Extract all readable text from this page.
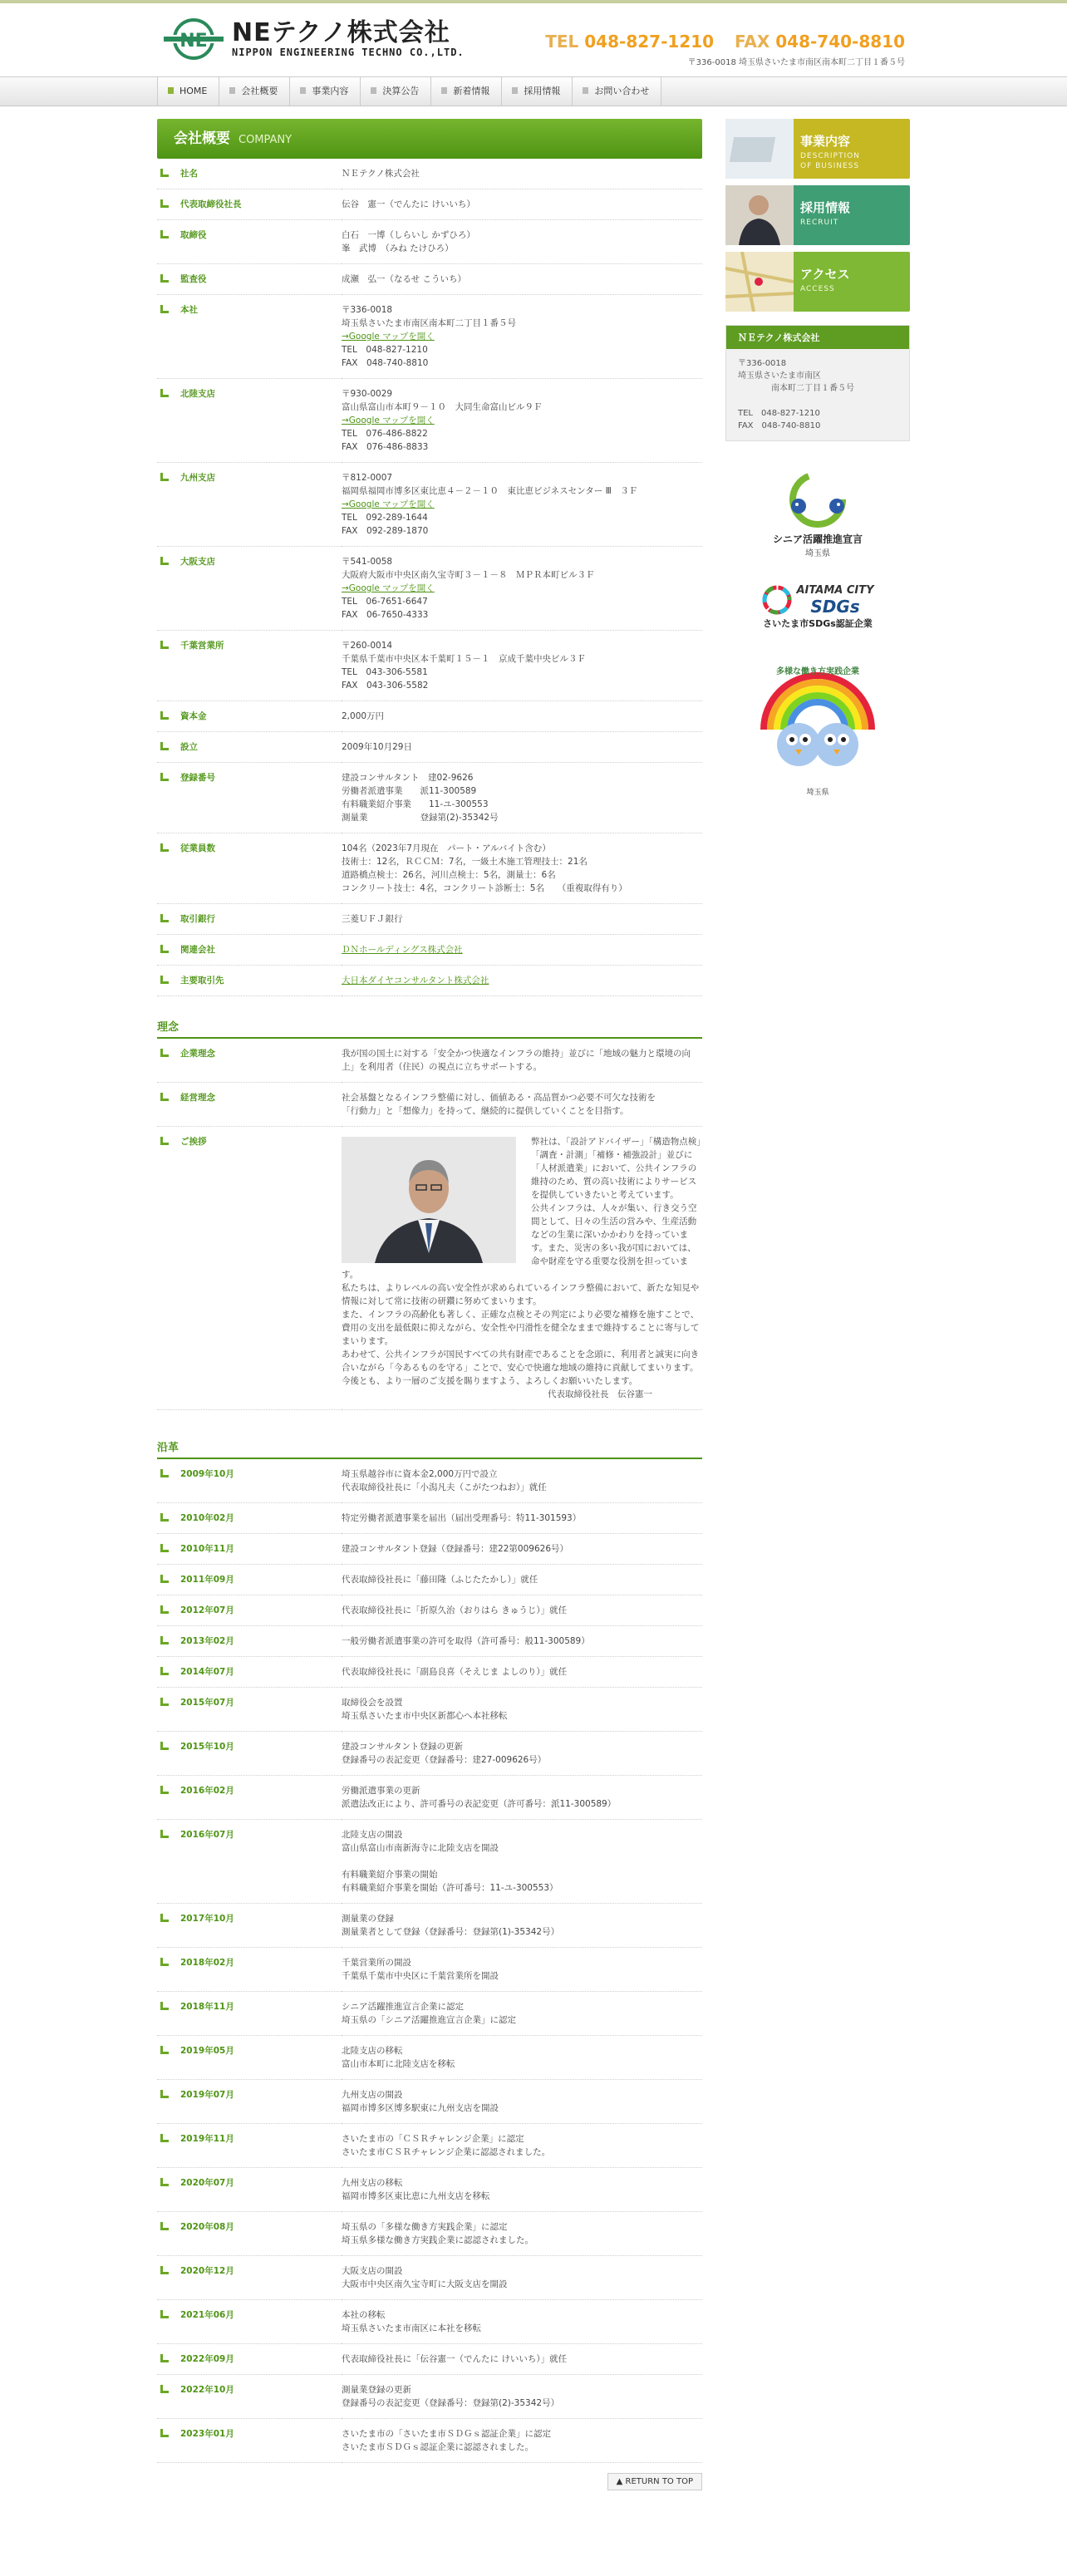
NE NEテクノ株式会社
NIPPON ENGINEERING TECHNO CO.,LTD.
TEL 048-827-1210 FAX 048-740-8810
〒336-0018 埼玉県さいたま市南区南本町二丁目１番５号
HOME	会社概要	事業内容	決算公告	新着情報	採用情報	お問い合わせ
会社概要 COMPANY
社名	ＮＥテクノ株式会社

代表取締役社長	伝谷　憲一（でんたに けいいち）

取締役	白石　一博（しらいし かずひろ）
峯　武博　（みね たけひろ）

監査役	成瀬　弘一（なるせ こういち）

本社	〒336-0018
埼玉県さいたま市南区南本町二丁目１番５号
→Google マップを開く
TEL　048-827-1210
FAX　048-740-8810

北陸支店	〒930-0029
富山県富山市本町９－１０　大同生命富山ビル９Ｆ
→Google マップを開く
TEL　076-486-8822
FAX　076-486-8833

九州支店	〒812-0007
福岡県福岡市博多区東比恵４－２－１０　東比恵ビジネスセンター Ⅲ　３Ｆ
→Google マップを開く
TEL　092-289-1644
FAX　092-289-1870

大阪支店	〒541-0058
大阪府大阪市中央区南久宝寺町３－１－８　ＭＰＲ本町ビル３Ｆ
→Google マップを開く
TEL　06-7651-6647
FAX　06-7650-4333

千葉営業所	〒260-0014
千葉県千葉市中央区本千葉町１５－１　京成千葉中央ビル３Ｆ
TEL　043-306-5581
FAX　043-306-5582

資本金	2,000万円

設立	2009年10月29日

登録番号	建設コンサルタント　建02-9626
労働者派遣事業　　派11-300589
有料職業紹介事業　　11-ユ-300553
測量業　　　　　　登録第(2)-35342号

従業員数	104名（2023年7月現在　パート・アルバイト含む）
技術士：12名，ＲＣＣＭ：7名，一級土木施工管理技士：21名
道路橋点検士：26名，河川点検士：5名，測量士：6名
コンクリート技士：4名，コンクリート診断士：5名　　（重複取得有り）

取引銀行	三菱ＵＦＪ銀行

関連会社	ＤＮホールディングス株式会社

主要取引先	大日本ダイヤコンサルタント株式会社
理念
企業理念	我が国の国土に対する「安全かつ快適なインフラの維持」並びに「地域の魅力と環境の向上」を利用者（住民）の視点に立ちサポートする。

経営理念	社会基盤となるインフラ整備に対し、価値ある・高品質かつ必要不可欠な技術を
「行動力」と「想像力」を持って、継続的に提供していくことを目指す。
ご挨拶	弊社は、「設計アドバイザー」「構造物点検」「調査・計測」「補修・補強設計」並びに「人材派遣業」において、公共インフラの維持のため、質の高い技術によりサービスを提供していきたいと考えています。
公共インフラは、人々が集い、行き交う空間として、日々の生活の営みや、生産活動などの生業に深いかかわりを持っています。また、災害の多い我が国においては、命や財産を守る重要な役割を担っています。
私たちは、よりレベルの高い安全性が求められているインフラ整備において、新たな知見や情報に対して常に技術の研鑽に努めてまいります。
また、インフラの高齢化も著しく、正確な点検とその判定により必要な補修を施すことで、費用の支出を最低限に抑えながら、安全性や円滑性を健全なままで維持することに寄与してまいります。
あわせて、公共インフラが国民すべての共有財産であることを念頭に、利用者と誠実に向き合いながら「今あるものを守る」ことで、安心で快適な地域の維持に貢献してまいります。
今後とも、より一層のご支援を賜りますよう、よろしくお願いいたします。
代表取締役社長　伝谷憲一
沿革
2009年10月	埼玉県越谷市に資本金2,000万円で設立
代表取締役社長に「小潟凡夫（こがたつねお）」就任

2010年02月	特定労働者派遣事業を届出（届出受理番号：特11-301593）

2010年11月	建設コンサルタント登録（登録番号：建22第009626号）

2011年09月	代表取締役社長に「藤田隆（ふじたたかし）」就任

2012年07月	代表取締役社長に「折原久治（おりはら きゅうじ）」就任

2013年02月	一般労働者派遣事業の許可を取得（許可番号：般11-300589）

2014年07月	代表取締役社長に「副島良喜（そえじま よしのり）」就任

2015年07月	取締役会を設置
埼玉県さいたま市中央区新都心へ本社移転

2015年10月	建設コンサルタント登録の更新
登録番号の表記変更（登録番号：建27-009626号）

2016年02月	労働派遣事業の更新
派遣法改正により、許可番号の表記変更（許可番号：派11-300589）

2016年07月	北陸支店の開設
富山県富山市南新海寺に北陸支店を開設

有料職業紹介事業の開始
有料職業紹介事業を開始（許可番号：11-ユ-300553）

2017年10月	測量業の登録
測量業者として登録（登録番号：登録第(1)-35342号）

2018年02月	千葉営業所の開設
千葉県千葉市中央区に千葉営業所を開設

2018年11月	シニア活躍推進宣言企業に認定
埼玉県の「シニア活躍推進宣言企業」に認定

2019年05月	北陸支店の移転
富山市本町に北陸支店を移転

2019年07月	九州支店の開設
福岡市博多区博多駅東に九州支店を開設

2019年11月	さいたま市の「ＣＳＲチャレンジ企業」に認定
さいたま市ＣＳＲチャレンジ企業に認認されました。

2020年07月	九州支店の移転
福岡市博多区東比恵に九州支店を移転

2020年08月	埼玉県の「多様な働き方実践企業」に認定
埼玉県多様な働き方実践企業に認認されました。

2020年12月	大阪支店の開設
大阪市中央区南久宝寺町に大阪支店を開設

2021年06月	本社の移転
埼玉県さいたま市南区に本社を移転

2022年09月	代表取締役社長に「伝谷憲一（でんたに けいいち）」就任

2022年10月	測量業登録の更新
登録番号の表記変更（登録番号：登録第(2)-35342号）

2023年01月	さいたま市の「さいたま市ＳＤＧｓ認証企業」に認定
さいたま市ＳＤＧｓ認証企業に認認されました。
▲ RETURN TO TOP
事業内容
DESCRIPTION
OF BUSINESS
採用情報
RECRUIT
アクセス
ACCESS
ＮＥテクノ株式会社
〒336-0018
埼玉県さいたま市南区
　　　　南本町二丁目１番５号

TEL　048-827-1210
FAX　048-740-8810
シニア活躍推進宣言
埼玉県
AITAMA CITY
SDGs
さいたま市SDGs認証企業
多様な働き方実践企業
埼玉県
